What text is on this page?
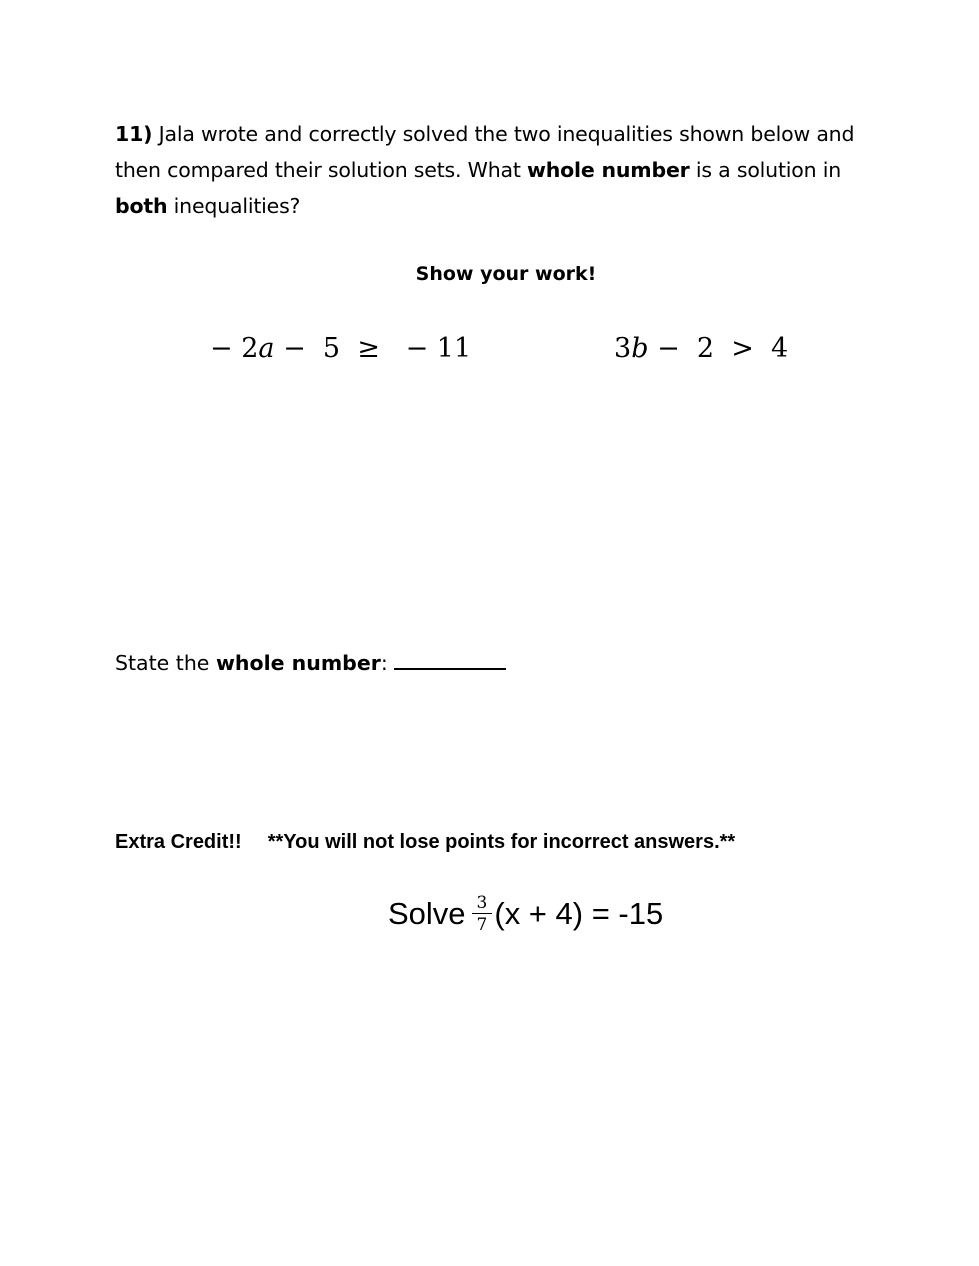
11) Jala wrote and correctly solved the two inequalities shown below and then compared their solution sets. What whole number is a solution in both inequalities?
Show your work!
− 2a −  5  ≥   − 11	3b −  2  >  4
State the whole number:
Extra Credit!! **You will not lose points for incorrect answers.**
Solve $\frac{3}{7} (x + 4) = -15$
